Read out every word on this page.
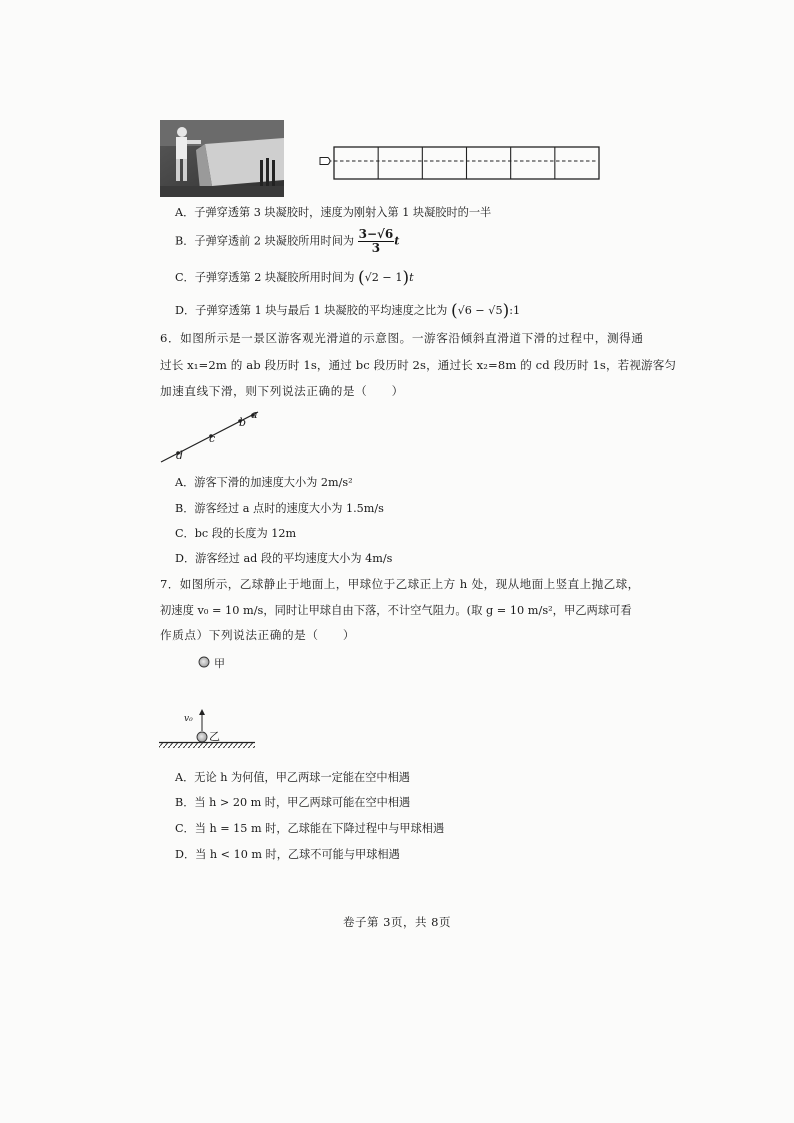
A．子弹穿透第 3 块凝胶时，速度为刚射入第 1 块凝胶时的一半
B．子弹穿透前 2 块凝胶所用时间为 $\frac{3-√6}{3}$ t
C．子弹穿透第 2 块凝胶所用时间为 (√2 − 1)t
D．子弹穿透第 1 块与最后 1 块凝胶的平均速度之比为 (√6 − √5):1
6．如图所示是一景区游客观光滑道的示意图。一游客沿倾斜直滑道下滑的过程中，测得通
过长 x₁=2m 的 ab 段历时 1s，通过 bc 段历时 2s，通过长 x₂=8m 的 cd 段历时 1s，若视游客匀
加速直线下滑，则下列说法正确的是（　　）
a
b
c
d
A．游客下滑的加速度大小为 2m/s²
B．游客经过 a 点时的速度大小为 1.5m/s
C．bc 段的长度为 12m
D．游客经过 ad 段的平均速度大小为 4m/s
7．如图所示，乙球静止于地面上，甲球位于乙球正上方 h 处，现从地面上竖直上抛乙球，
初速度 v₀ = 10 m/s，同时让甲球自由下落，不计空气阻力。(取 g = 10 m/s²，甲乙两球可看
作质点）下列说法正确的是（　　）
甲
乙
v₀
A．无论 h 为何值，甲乙两球一定能在空中相遇
B．当 h > 20 m 时，甲乙两球可能在空中相遇
C．当 h = 15 m 时，乙球能在下降过程中与甲球相遇
D．当 h < 10 m 时，乙球不可能与甲球相遇
卷子第 3页，共 8页
